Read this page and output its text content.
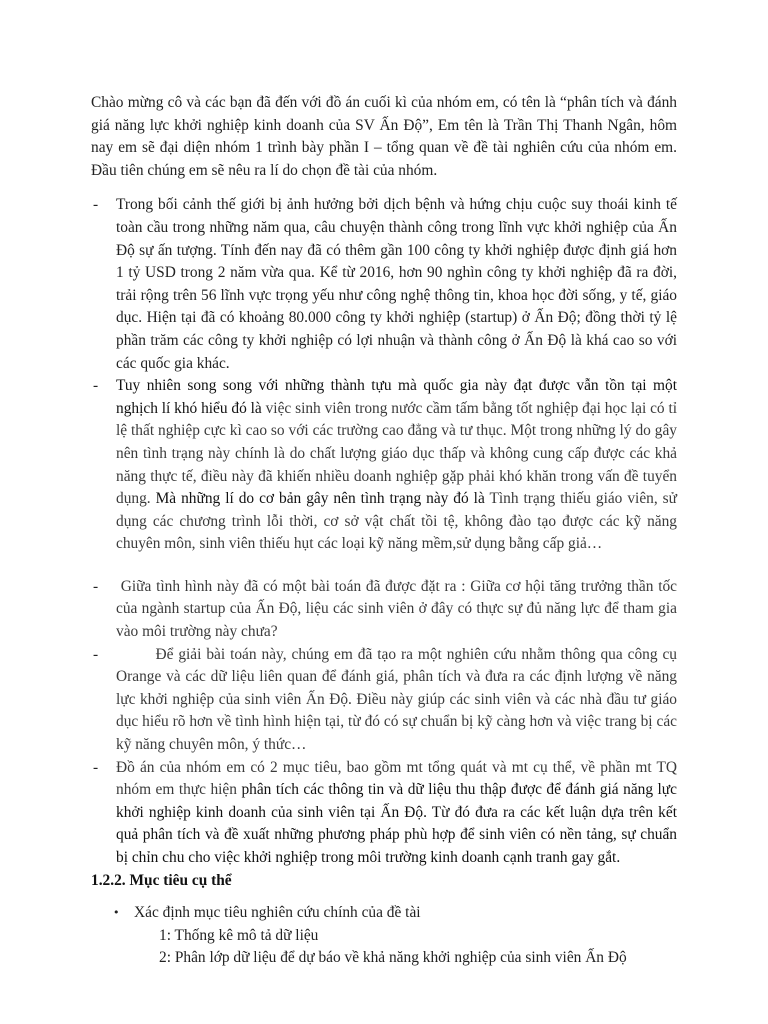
Chào mừng cô và các bạn đã đến với đồ án cuối kì của nhóm em, có tên là “phân tích và đánh giá năng lực khởi nghiệp kinh doanh của SV Ấn Độ”, Em tên là Trần Thị Thanh Ngân, hôm nay em sẽ đại diện nhóm 1 trình bày phần I – tổng quan về đề tài nghiên cứu của nhóm em. Đầu tiên chúng em sẽ nêu ra lí do chọn đề tài của nhóm.

- Trong bối cảnh thế giới bị ảnh hưởng bởi dịch bệnh và hứng chịu cuộc suy thoái kinh tế toàn cầu trong những năm qua, câu chuyện thành công trong lĩnh vực khởi nghiệp của Ấn Độ sự ấn tượng. Tính đến nay đã có thêm gần 100 công ty khởi nghiệp được định giá hơn 1 tỷ USD trong 2 năm vừa qua. Kể từ 2016, hơn 90 nghìn công ty khởi nghiệp đã ra đời, trải rộng trên 56 lĩnh vực trọng yếu như công nghệ thông tin, khoa học đời sống, y tế, giáo dục. Hiện tại đã có khoảng 80.000 công ty khởi nghiệp (startup) ở Ấn Độ; đồng thời tỷ lệ phần trăm các công ty khởi nghiệp có lợi nhuận và thành công ở Ấn Độ là khá cao so với các quốc gia khác.
- Tuy nhiên song song với những thành tựu mà quốc gia này đạt được vẫn tồn tại một nghịch lí khó hiểu đó là việc sinh viên trong nước cầm tấm bằng tốt nghiệp đại học lại có tỉ lệ thất nghiệp cực kì cao so với các trường cao đẳng và tư thục. Một trong những lý do gây nên tình trạng này chính là do chất lượng giáo dục thấp và không cung cấp được các khả năng thực tế, điều này đã khiến nhiều doanh nghiệp gặp phải khó khăn trong vấn đề tuyển dụng. Mà những lí do cơ bản gây nên tình trạng này đó là Tình trạng thiếu giáo viên, sử dụng các chương trình lỗi thời, cơ sở vật chất tồi tệ, không đào tạo được các kỹ năng chuyên môn, sinh viên thiếu hụt các loại kỹ năng mềm,sử dụng bằng cấp giả…
- Giữa tình hình này đã có một bài toán đã được đặt ra : Giữa cơ hội tăng trưởng thần tốc của ngành startup của Ấn Độ, liệu các sinh viên ở đây có thực sự đủ năng lực để tham gia vào môi trường này chưa?
- Để giải bài toán này, chúng em đã tạo ra một nghiên cứu nhằm thông qua công cụ Orange và các dữ liệu liên quan để đánh giá, phân tích và đưa ra các định lượng về năng lực khởi nghiệp của sinh viên Ấn Độ. Điều này giúp các sinh viên và các nhà đầu tư giáo dục hiểu rõ hơn về tình hình hiện tại, từ đó có sự chuẩn bị kỹ càng hơn và việc trang bị các kỹ năng chuyên môn, ý thức…
- Đồ án của nhóm em có 2 mục tiêu, bao gồm mt tổng quát và mt cụ thể, về phần mt TQ nhóm em thực hiện phân tích các thông tin và dữ liệu thu thập được để đánh giá năng lực khởi nghiệp kinh doanh của sinh viên tại Ấn Độ. Từ đó đưa ra các kết luận dựa trên kết quả phân tích và đề xuất những phương pháp phù hợp để sinh viên có nền tảng, sự chuẩn bị chỉn chu cho việc khởi nghiệp trong môi trường kinh doanh cạnh tranh gay gắt.
1.2.2. Mục tiêu cụ thể
• Xác định mục tiêu nghiên cứu chính của đề tài
1: Thống kê mô tả dữ liệu
2: Phân lớp dữ liệu để dự báo về khả năng khởi nghiệp của sinh viên Ấn Độ
